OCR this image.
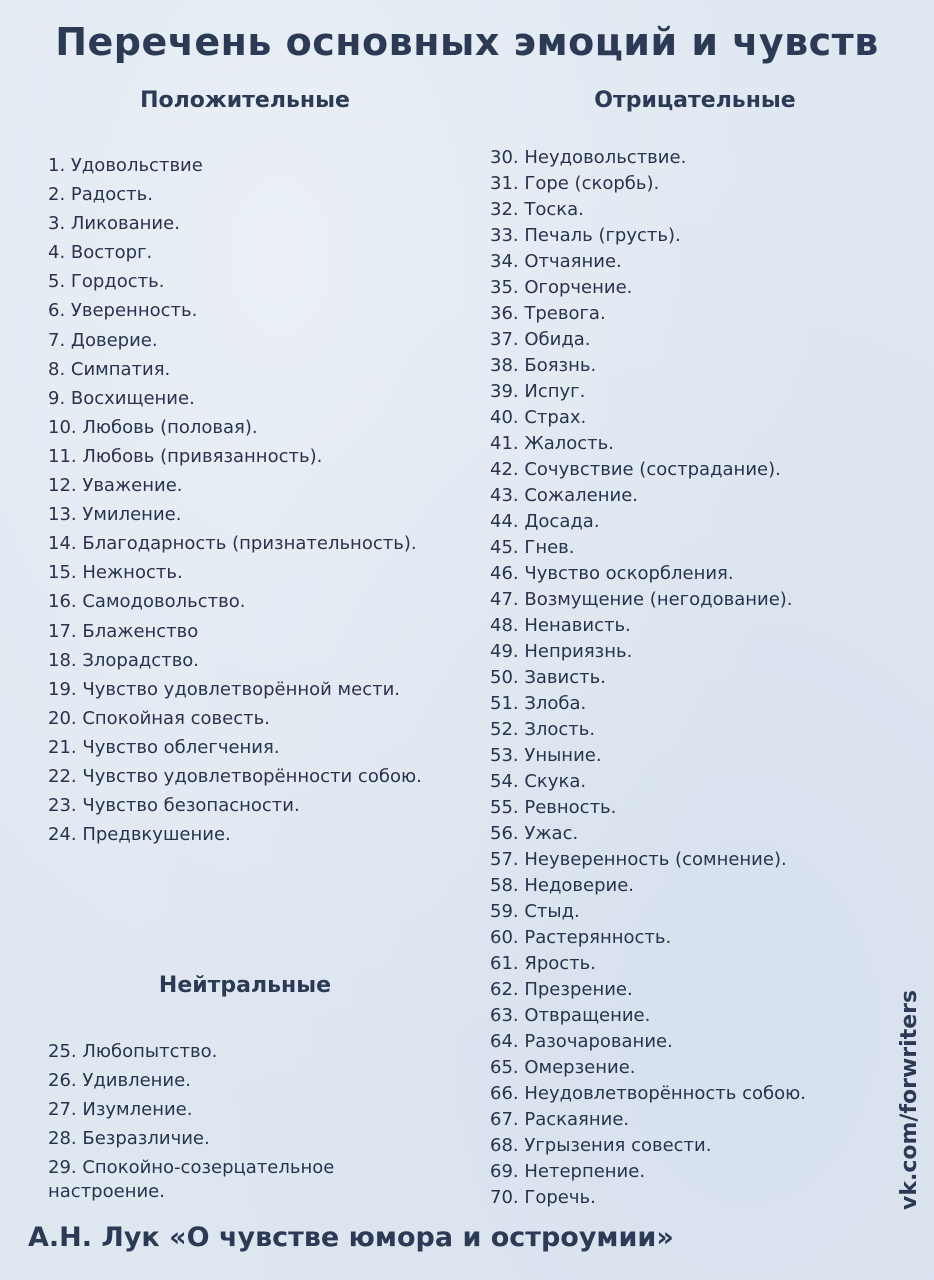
Перечень основных эмоций и чувств
Положительные	Отрицательные
1. Удовольствие
2. Радость.
3. Ликование.
4. Восторг.
5. Гордость.
6. Уверенность.
7. Доверие.
8. Симпатия.
9. Восхищение.
10. Любовь (половая).
11. Любовь (привязанность).
12. Уважение.
13. Умиление.
14. Благодарность (признательность).
15. Нежность.
16. Самодовольство.
17. Блаженство
18. Злорадство.
19. Чувство удовлетворённой мести.
20. Спокойная совесть.
21. Чувство облегчения.
22. Чувство удовлетворённости собою.
23. Чувство безопасности.
24. Предвкушение.
30. Неудовольствие.
31. Горе (скорбь).
32. Тоска.
33. Печаль (грусть).
34. Отчаяние.
35. Огорчение.
36. Тревога.
37. Обида.
38. Боязнь.
39. Испуг.
40. Страх.
41. Жалость.
42. Сочувствие (сострадание).
43. Сожаление.
44. Досада.
45. Гнев.
46. Чувство оскорбления.
47. Возмущение (негодование).
48. Ненависть.
49. Неприязнь.
50. Зависть.
51. Злоба.
52. Злость.
53. Уныние.
54. Скука.
55. Ревность.
56. Ужас.
57. Неуверенность (сомнение).
58. Недоверие.
59. Стыд.
60. Растерянность.
61. Ярость.
62. Презрение.
63. Отвращение.
64. Разочарование.
65. Омерзение.
66. Неудовлетворённость собою.
67. Раскаяние.
68. Угрызения совести.
69. Нетерпение.
70. Горечь.
Нейтральные
25. Любопытство.
26. Удивление.
27. Изумление.
28. Безразличие.
29. Спокойно-созерцательное настроение.

А.Н. Лук «О чувстве юмора и остроумии»

vk.com/forwriters
